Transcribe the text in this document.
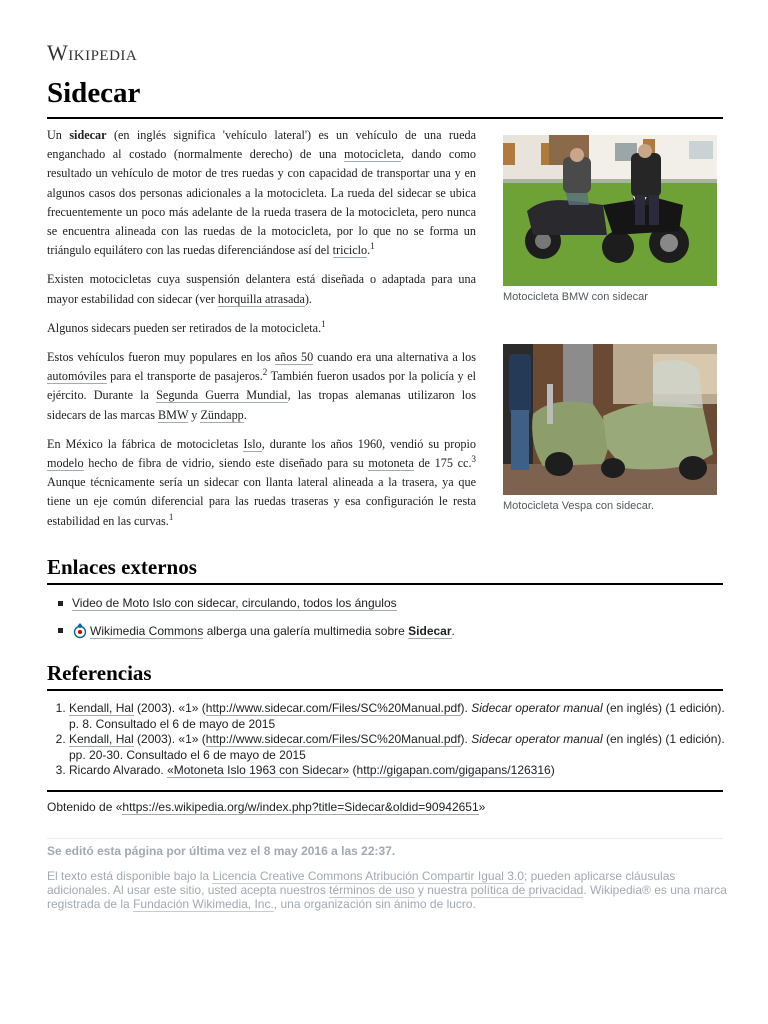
Wikipedia
Sidecar

Un sidecar (en inglés significa 'vehículo lateral') es un vehículo de una rueda enganchado al costado (normalmente derecho) de una motocicleta, dando como resultado un vehículo de motor de tres ruedas y con capacidad de transportar una y en algunos casos dos personas adicionales a la motocicleta. La rueda del sidecar se ubica frecuentemente un poco más adelante de la rueda trasera de la motocicleta, pero nunca se encuentra alineada con las ruedas de la motocicleta, por lo que no se forma un triángulo equilátero con las ruedas diferenciándose así del triciclo.$^1$

Existen motocicletas cuya suspensión delantera está diseñada o adaptada para una mayor estabilidad con sidecar (ver horquilla atrasada).

Algunos sidecars pueden ser retirados de la motocicleta.$^1$

Estos vehículos fueron muy populares en los años 50 cuando era una alternativa a los automóviles para el transporte de pasajeros.$^2$ También fueron usados por la policía y el ejército. Durante la Segunda Guerra Mundial, las tropas alemanas utilizaron los sidecars de las marcas BMW y Zündapp.

En México la fábrica de motocicletas Islo, durante los años 1960, vendió su propio modelo hecho de fibra de vidrio, siendo este diseñado para su motoneta de 175 cc.$^3$ Aunque técnicamente sería un sidecar con llanta lateral alineada a la trasera, ya que tiene un eje común diferencial para las ruedas traseras y esa configuración le resta estabilidad en las curvas.$^1$

Motocicleta BMW con sidecar
Motocicleta Vespa con sidecar.
Enlaces externos
Video de Moto Islo con sidecar, circulando, todos los ángulos
Wikimedia Commons alberga una galería multimedia sobre Sidecar.
Referencias
1. Kendall, Hal (2003). «1» (http://www.sidecar.com/Files/SC%20Manual.pdf). Sidecar operator manual (en inglés) (1 edición). p. 8. Consultado el 6 de mayo de 2015
2. Kendall, Hal (2003). «1» (http://www.sidecar.com/Files/SC%20Manual.pdf). Sidecar operator manual (en inglés) (1 edición). pp. 20-30. Consultado el 6 de mayo de 2015
3. Ricardo Alvarado. «Motoneta Islo 1963 con Sidecar» (http://gigapan.com/gigapans/126316)
Obtenido de «https://es.wikipedia.org/w/index.php?title=Sidecar&oldid=90942651»
Se editó esta página por última vez el 8 may 2016 a las 22:37.
El texto está disponible bajo la Licencia Creative Commons Atribución Compartir Igual 3.0; pueden aplicarse cláusulas adicionales. Al usar este sitio, usted acepta nuestros términos de uso y nuestra política de privacidad. Wikipedia® es una marca registrada de la Fundación Wikimedia, Inc., una organización sin ánimo de lucro.
